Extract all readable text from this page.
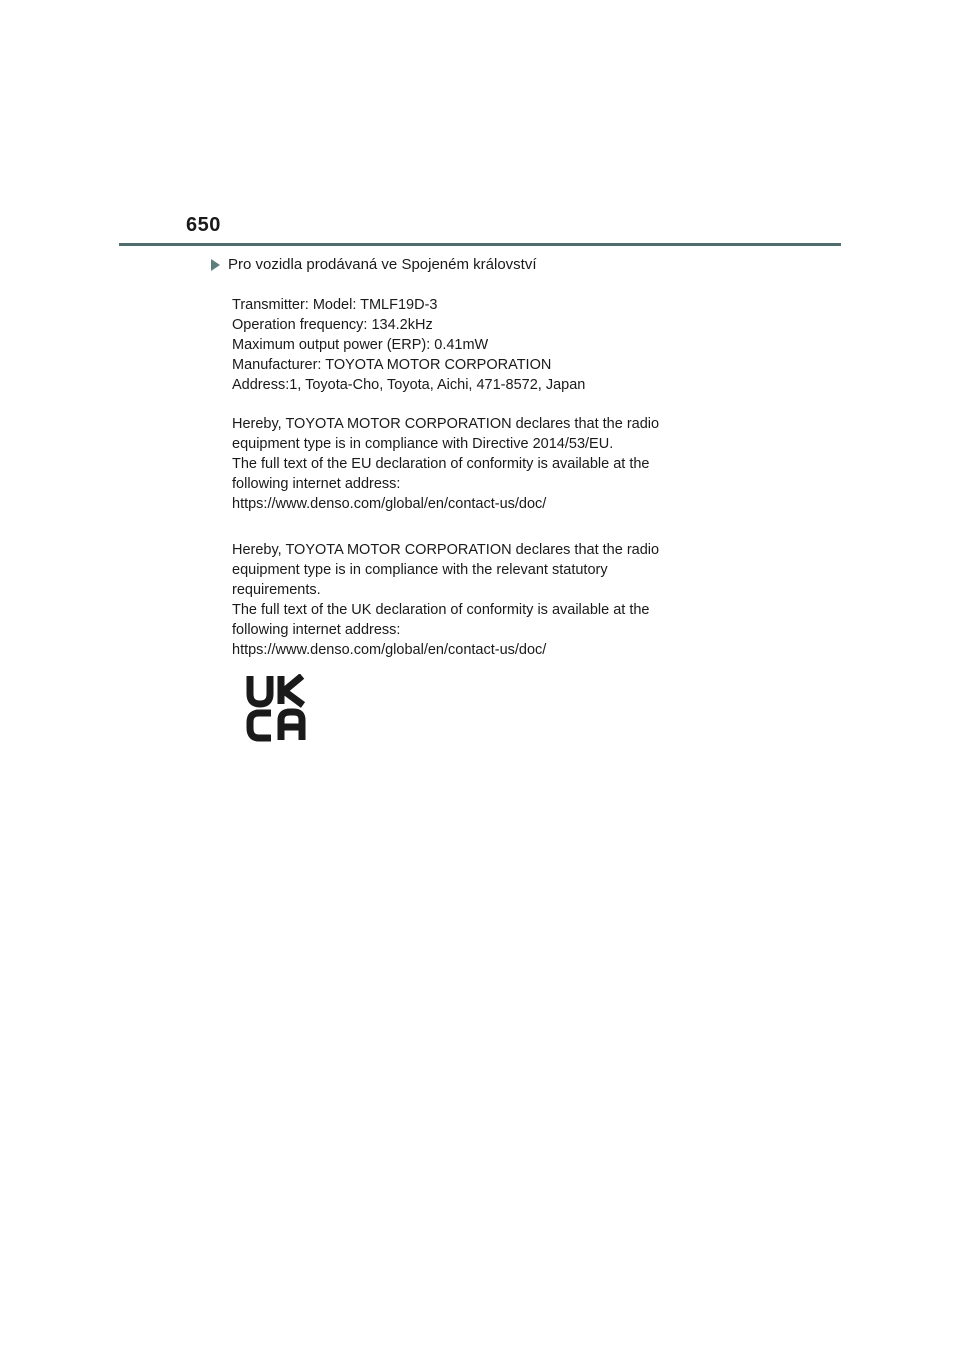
650
Pro vozidla prodávaná ve Spojeném království
Transmitter: Model: TMLF19D-3
Operation frequency: 134.2kHz
Maximum output power (ERP): 0.41mW
Manufacturer: TOYOTA MOTOR CORPORATION
Address:1, Toyota-Cho, Toyota, Aichi, 471-8572, Japan
Hereby, TOYOTA MOTOR CORPORATION declares that the radio
equipment type is in compliance with Directive 2014/53/EU.
The full text of the EU declaration of conformity is available at the
following internet address:
https://www.denso.com/global/en/contact-us/doc/
Hereby, TOYOTA MOTOR CORPORATION declares that the radio
equipment type is in compliance with the relevant statutory
requirements.
The full text of the UK declaration of conformity is available at the
following internet address:
https://www.denso.com/global/en/contact-us/doc/
